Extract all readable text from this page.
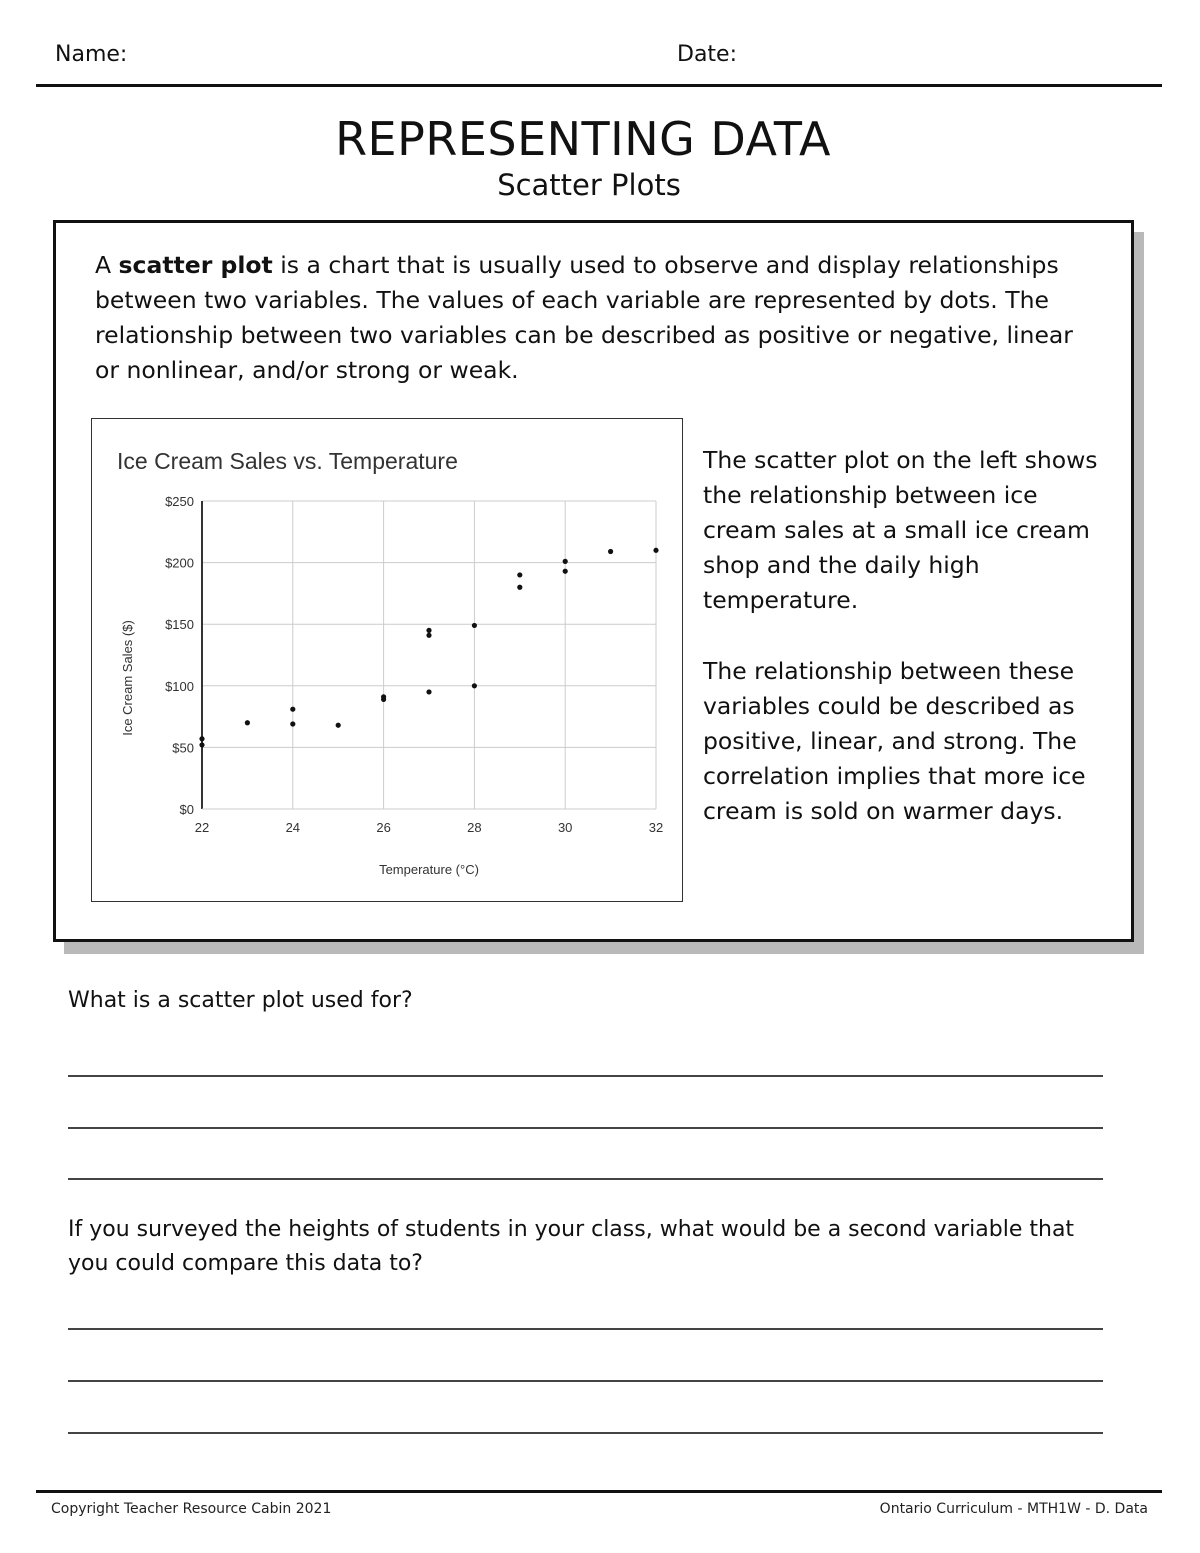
Name:	Date:
REPRESENTING DATA
Scatter Plots
A scatter plot is a chart that is usually used to observe and display relationships between two variables. The values of each variable are represented by dots. The relationship between two variables can be described as positive or negative, linear or nonlinear, and/or strong or weak.
Ice Cream Sales vs. Temperature
22	24	26	28	30	32
$0
$50
$100
$150
$200
$250
Temperature (°C)
Ice Cream Sales ($)
The scatter plot on the left shows the relationship between ice cream sales at a small ice cream shop and the daily high temperature.
The relationship between these variables could be described as positive, linear, and strong. The correlation implies that more ice cream is sold on warmer days.
What is a scatter plot used for?
If you surveyed the heights of students in your class, what would be a second variable that you could compare this data to?
Copyright Teacher Resource Cabin 2021	Ontario Curriculum - MTH1W - D. Data
